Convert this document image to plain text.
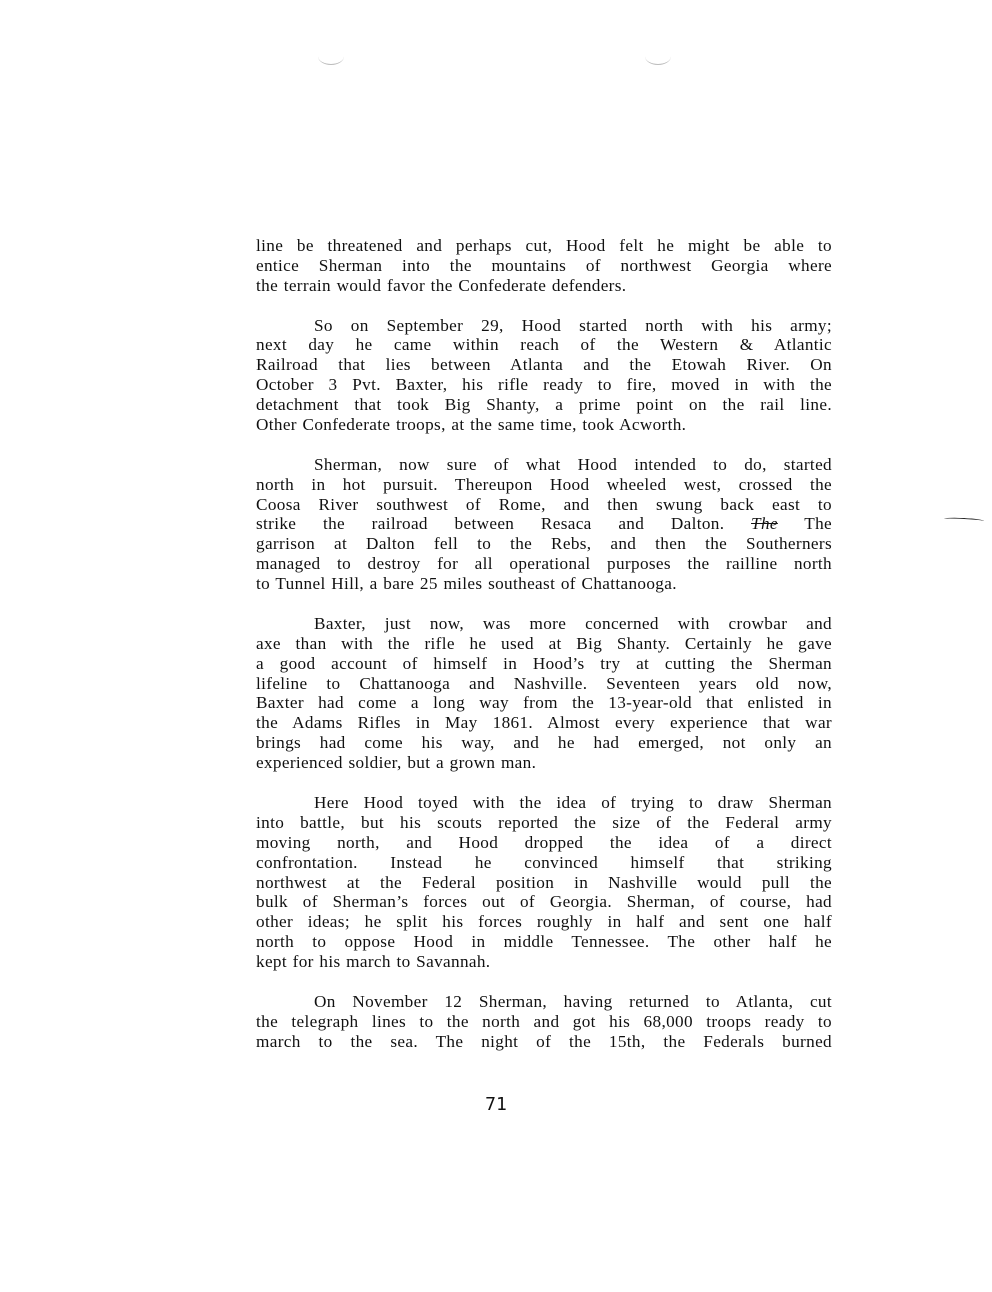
line be threatened and perhaps cut, Hood felt he might be able to
entice Sherman into the mountains of northwest Georgia where
the terrain would favor the Confederate defenders.
So on September 29, Hood started north with his army;
next day he came within reach of the Western & Atlantic
Railroad that lies between Atlanta and the Etowah River. On
October 3 Pvt. Baxter, his rifle ready to fire, moved in with the
detachment that took Big Shanty, a prime point on the rail line.
Other Confederate troops, at the same time, took Acworth.
Sherman, now sure of what Hood intended to do, started
north in hot pursuit. Thereupon Hood wheeled west, crossed the
Coosa River southwest of Rome, and then swung back east to
strike the railroad between Resaca and Dalton. The The
garrison at Dalton fell to the Rebs, and then the Southerners
managed to destroy for all operational purposes the railline north
to Tunnel Hill, a bare 25 miles southeast of Chattanooga.
Baxter, just now, was more concerned with crowbar and
axe than with the rifle he used at Big Shanty. Certainly he gave
a good account of himself in Hood’s try at cutting the Sherman
lifeline to Chattanooga and Nashville. Seventeen years old now,
Baxter had come a long way from the 13-year-old that enlisted in
the Adams Rifles in May 1861. Almost every experience that war
brings had come his way, and he had emerged, not only an
experienced soldier, but a grown man.
Here Hood toyed with the idea of trying to draw Sherman
into battle, but his scouts reported the size of the Federal army
moving north, and Hood dropped the idea of a direct
confrontation. Instead he convinced himself that striking
northwest at the Federal position in Nashville would pull the
bulk of Sherman’s forces out of Georgia. Sherman, of course, had
other ideas; he split his forces roughly in half and sent one half
north to oppose Hood in middle Tennessee. The other half he
kept for his march to Savannah.
On November 12 Sherman, having returned to Atlanta, cut
the telegraph lines to the north and got his 68,000 troops ready to
march to the sea. The night of the 15th, the Federals burned
71
